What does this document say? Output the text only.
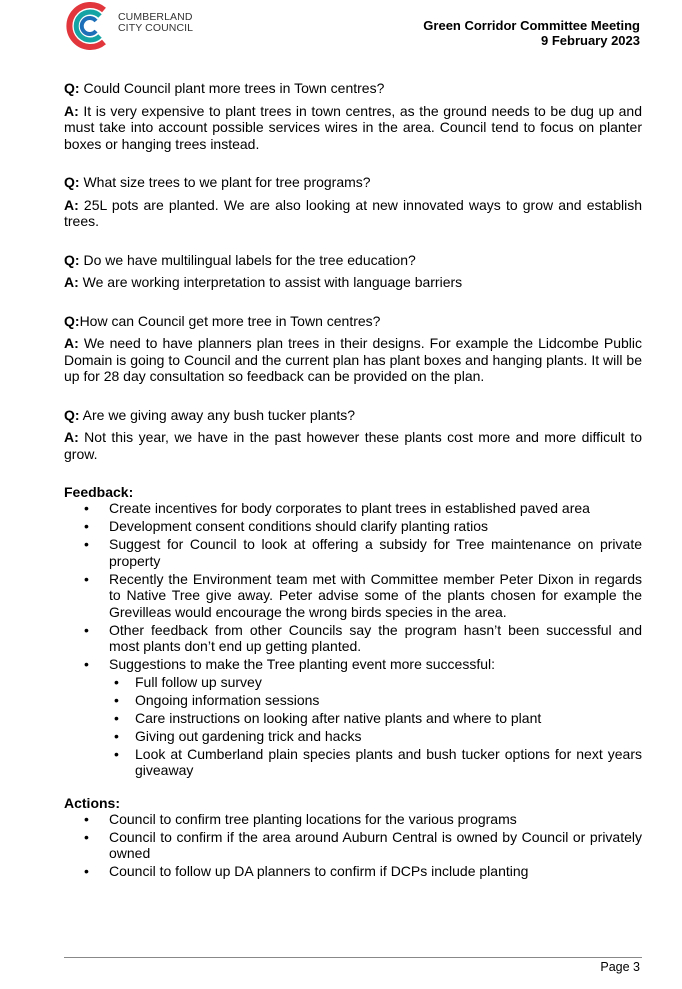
CUMBERLAND
CITY COUNCIL	Green Corridor Committee Meeting
9 February 2023

Q: Could Council plant more trees in Town centres?

A: It is very expensive to plant trees in town centres, as the ground needs to be dug up and must take into account possible services wires in the area. Council tend to focus on planter boxes or hanging trees instead.

Q: What size trees to we plant for tree programs?

A: 25L pots are planted. We are also looking at new innovated ways to grow and establish trees.

Q: Do we have multilingual labels for the tree education?

A: We are working interpretation to assist with language barriers

Q:How can Council get more tree in Town centres?

A: We need to have planners plan trees in their designs. For example the Lidcombe Public Domain is going to Council and the current plan has plant boxes and hanging plants. It will be up for 28 day consultation so feedback can be provided on the plan.

Q: Are we giving away any bush tucker plants?

A: Not this year, we have in the past however these plants cost more and more difficult to grow.

Feedback:
• Create incentives for body corporates to plant trees in established paved area
• Development consent conditions should clarify planting ratios
• Suggest for Council to look at offering a subsidy for Tree maintenance on private property
• Recently the Environment team met with Committee member Peter Dixon in regards to Native Tree give away. Peter advise some of the plants chosen for example the Grevilleas would encourage the wrong birds species in the area.
• Other feedback from other Councils say the program hasn’t been successful and most plants don’t end up getting planted.
• Suggestions to make the Tree planting event more successful:
• Full follow up survey
• Ongoing information sessions
• Care instructions on looking after native plants and where to plant
• Giving out gardening trick and hacks
• Look at Cumberland plain species plants and bush tucker options for next years giveaway
Actions:
• Council to confirm tree planting locations for the various programs
• Council to confirm if the area around Auburn Central is owned by Council or privately owned
• Council to follow up DA planners to confirm if DCPs include planting
Page 3
